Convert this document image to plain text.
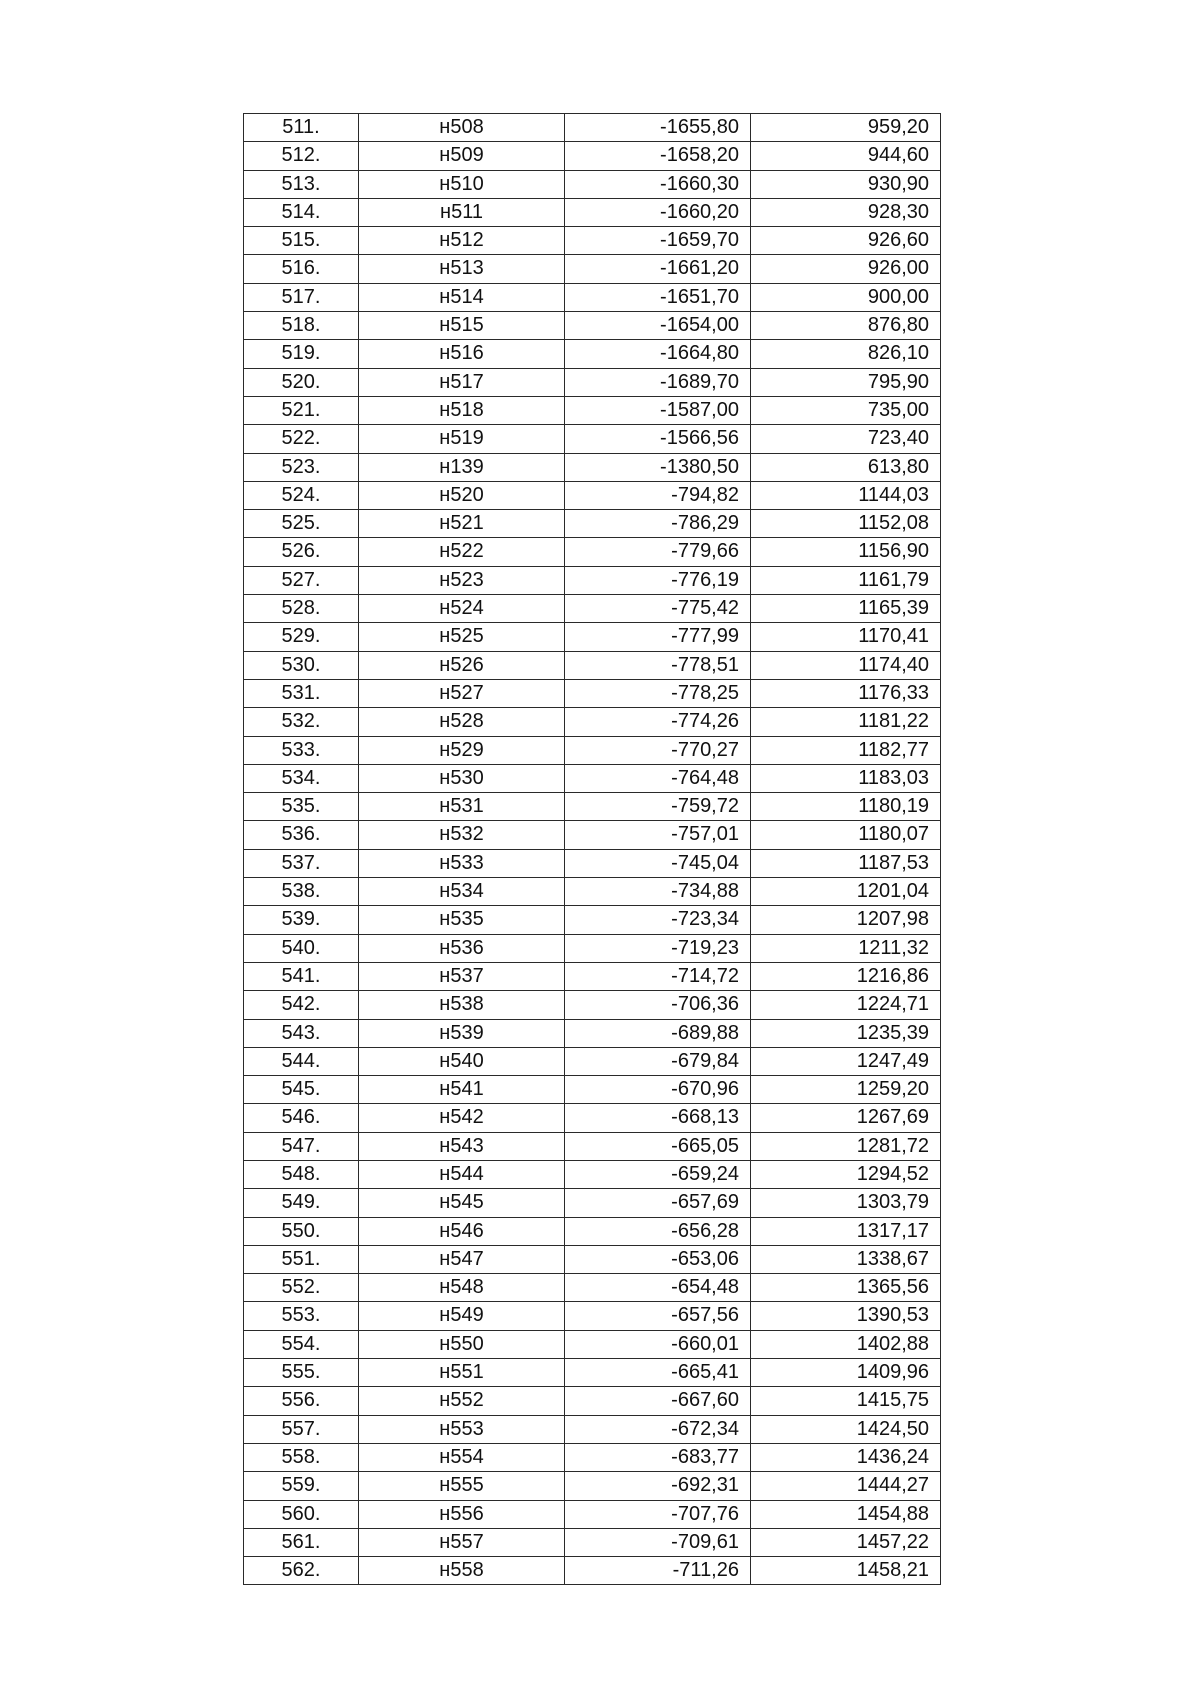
511.	н508	-1655,80	959,20
512.	н509	-1658,20	944,60
513.	н510	-1660,30	930,90
514.	н511	-1660,20	928,30
515.	н512	-1659,70	926,60
516.	н513	-1661,20	926,00
517.	н514	-1651,70	900,00
518.	н515	-1654,00	876,80
519.	н516	-1664,80	826,10
520.	н517	-1689,70	795,90
521.	н518	-1587,00	735,00
522.	н519	-1566,56	723,40
523.	н139	-1380,50	613,80
524.	н520	-794,82	1144,03
525.	н521	-786,29	1152,08
526.	н522	-779,66	1156,90
527.	н523	-776,19	1161,79
528.	н524	-775,42	1165,39
529.	н525	-777,99	1170,41
530.	н526	-778,51	1174,40
531.	н527	-778,25	1176,33
532.	н528	-774,26	1181,22
533.	н529	-770,27	1182,77
534.	н530	-764,48	1183,03
535.	н531	-759,72	1180,19
536.	н532	-757,01	1180,07
537.	н533	-745,04	1187,53
538.	н534	-734,88	1201,04
539.	н535	-723,34	1207,98
540.	н536	-719,23	1211,32
541.	н537	-714,72	1216,86
542.	н538	-706,36	1224,71
543.	н539	-689,88	1235,39
544.	н540	-679,84	1247,49
545.	н541	-670,96	1259,20
546.	н542	-668,13	1267,69
547.	н543	-665,05	1281,72
548.	н544	-659,24	1294,52
549.	н545	-657,69	1303,79
550.	н546	-656,28	1317,17
551.	н547	-653,06	1338,67
552.	н548	-654,48	1365,56
553.	н549	-657,56	1390,53
554.	н550	-660,01	1402,88
555.	н551	-665,41	1409,96
556.	н552	-667,60	1415,75
557.	н553	-672,34	1424,50
558.	н554	-683,77	1436,24
559.	н555	-692,31	1444,27
560.	н556	-707,76	1454,88
561.	н557	-709,61	1457,22
562.	н558	-711,26	1458,21
